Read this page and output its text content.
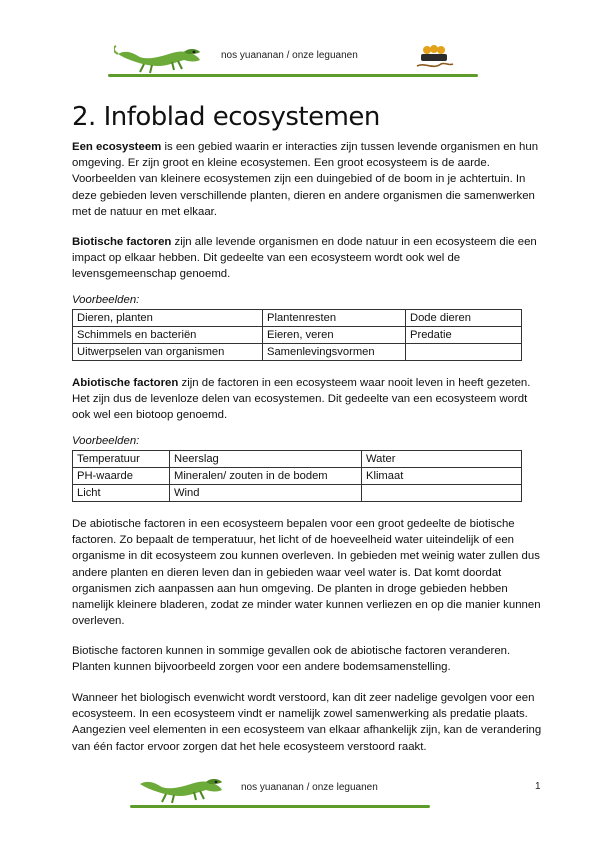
nos yuananan / onze leguanen
2. Infoblad ecosystemen

Een ecosysteem is een gebied waarin er interacties zijn tussen levende organismen en hun omgeving. Er zijn groot en kleine ecosystemen. Een groot ecosysteem is de aarde. Voorbeelden van kleinere ecosystemen zijn een duingebied of de boom in je achtertuin. In deze gebieden leven verschillende planten, dieren en andere organismen die samenwerken met de natuur en met elkaar.

Biotische factoren zijn alle levende organismen en dode natuur in een ecosysteem die een impact op elkaar hebben. Dit gedeelte van een ecosysteem wordt ook wel de levensgemeenschap genoemd.

Voorbeelden:
Dieren, planten	Plantenresten	Dode dieren
Schimmels en bacteriën	Eieren, veren	Predatie
Uitwerpselen van organismen	Samenlevingsvormen	

Abiotische factoren zijn de factoren in een ecosysteem waar nooit leven in heeft gezeten. Het zijn dus de levenloze delen van ecosystemen. Dit gedeelte van een ecosysteem wordt ook wel een biotoop genoemd.

Voorbeelden:
Temperatuur	Neerslag	Water
PH-waarde	Mineralen/ zouten in de bodem	Klimaat
Licht	Wind	

De abiotische factoren in een ecosysteem bepalen voor een groot gedeelte de biotische factoren. Zo bepaalt de temperatuur, het licht of de hoeveelheid water uiteindelijk of een organisme in dit ecosysteem zou kunnen overleven. In gebieden met weinig water zullen dus andere planten en dieren leven dan in gebieden waar veel water is. Dat komt doordat organismen zich aanpassen aan hun omgeving. De planten in droge gebieden hebben namelijk kleinere bladeren, zodat ze minder water kunnen verliezen en op die manier kunnen overleven.

Biotische factoren kunnen in sommige gevallen ook de abiotische factoren veranderen. Planten kunnen bijvoorbeeld zorgen voor een andere bodemsamenstelling.

Wanneer het biologisch evenwicht wordt verstoord, kan dit zeer nadelige gevolgen voor een ecosysteem. In een ecosysteem vindt er namelijk zowel samenwerking als predatie plaats. Aangezien veel elementen in een ecosysteem van elkaar afhankelijk zijn, kan de verandering van één factor ervoor zorgen dat het hele ecosysteem verstoord raakt.

nos yuananan / onze leguanen	1
